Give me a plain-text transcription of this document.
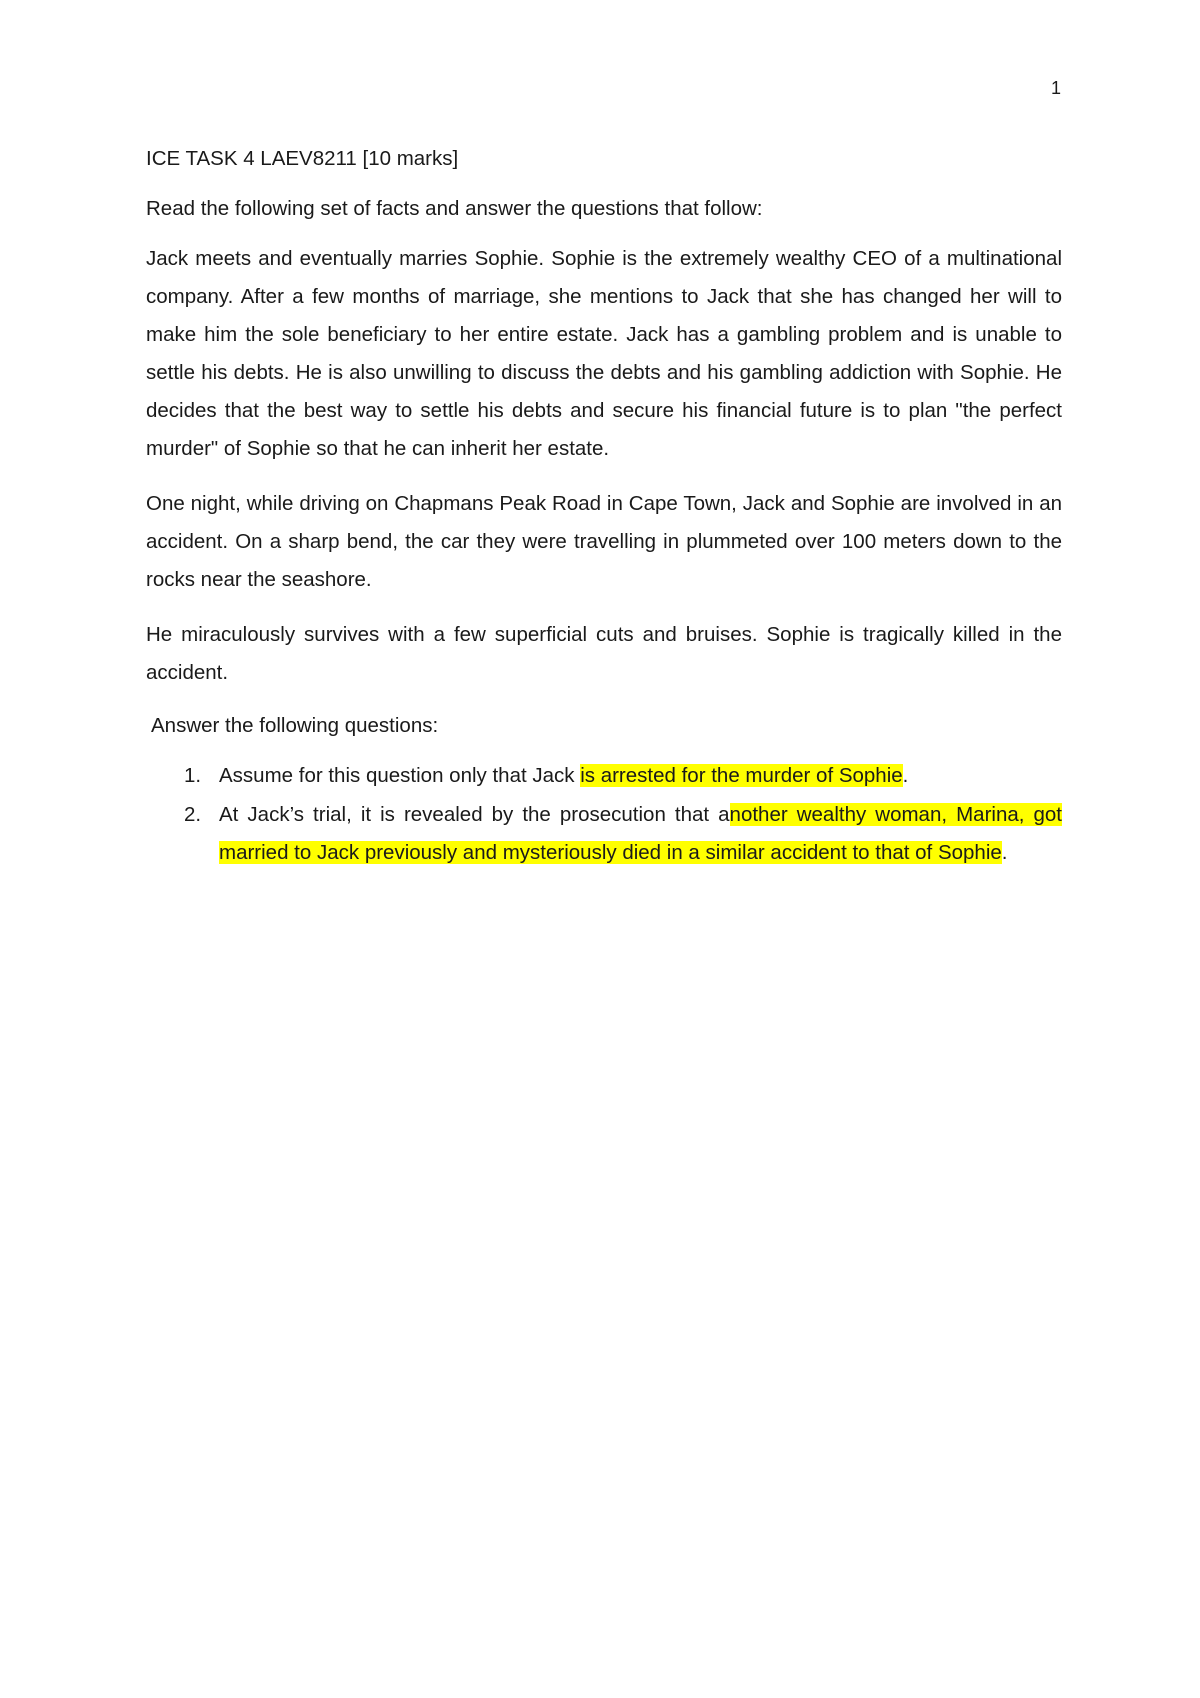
1

ICE TASK 4 LAEV8211 [10 marks]

Read the following set of facts and answer the questions that follow:

Jack meets and eventually marries Sophie. Sophie is the extremely wealthy CEO of a multinational company. After a few months of marriage, she mentions to Jack that she has changed her will to make him the sole beneficiary to her entire estate. Jack has a gambling problem and is unable to settle his debts. He is also unwilling to discuss the debts and his gambling addiction with Sophie. He decides that the best way to settle his debts and secure his financial future is to plan "the perfect murder" of Sophie so that he can inherit her estate.

One night, while driving on Chapmans Peak Road in Cape Town, Jack and Sophie are involved in an accident. On a sharp bend, the car they were travelling in plummeted over 100 meters down to the rocks near the seashore.

He miraculously survives with a few superficial cuts and bruises. Sophie is tragically killed in the accident.

Answer the following questions:

1. Assume for this question only that Jack is arrested for the murder of Sophie.
2. At Jack’s trial, it is revealed by the prosecution that another wealthy woman, Marina, got married to Jack previously and mysteriously died in a similar accident to that of Sophie.
